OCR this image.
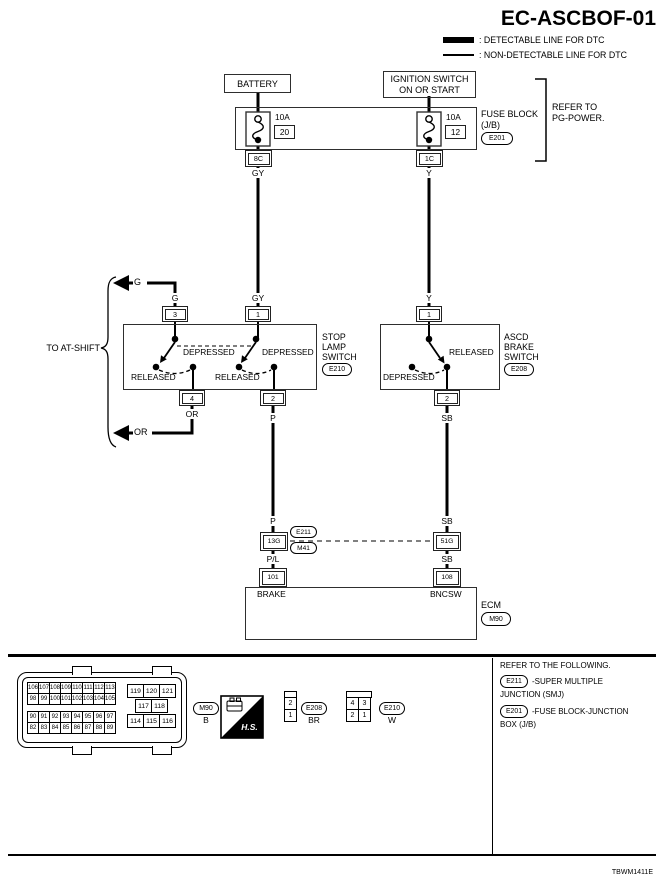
EC-ASCBOF-01
: DETECTABLE LINE FOR DTC
: NON-DETECTABLE LINE FOR DTC
BATTERY	IGNITION SWITCH
ON OR START
10A
20
10A
12
8C	1C
FUSE BLOCK
(J/B)
E201
REFER TO
PG-POWER.
GY	Y
G	GY	Y
OR	P	SB
P	SB
P/L	SB
G
OR
TO AT-SHIFT
3	1	1
4	2	2
DEPRESSED	DEPRESSED
RELEASED	RELEASED
RELEASED
DEPRESSED
STOP
LAMP
SWITCH
E210
ASCD
BRAKE
SWITCH
E208
E211
M41
13G	51G
101	108
BRAKE	BNCSW
ECM
M90
106 107 108 109 110 111 112 113
98 99 100 101 102 103 104 105
90 91 92 93 94 95 96 97
82 83 84 85 86 87 88 89
119 120 121
117 118
114 115 116
M90
B
H.S.
2
1
E208
BR
4	3
2	1
E210
W
REFER TO THE FOLLOWING.
E211 -SUPER MULTIPLE
JUNCTION (SMJ)
E201 -FUSE BLOCK-JUNCTION
BOX (J/B)
TBWM1411E
